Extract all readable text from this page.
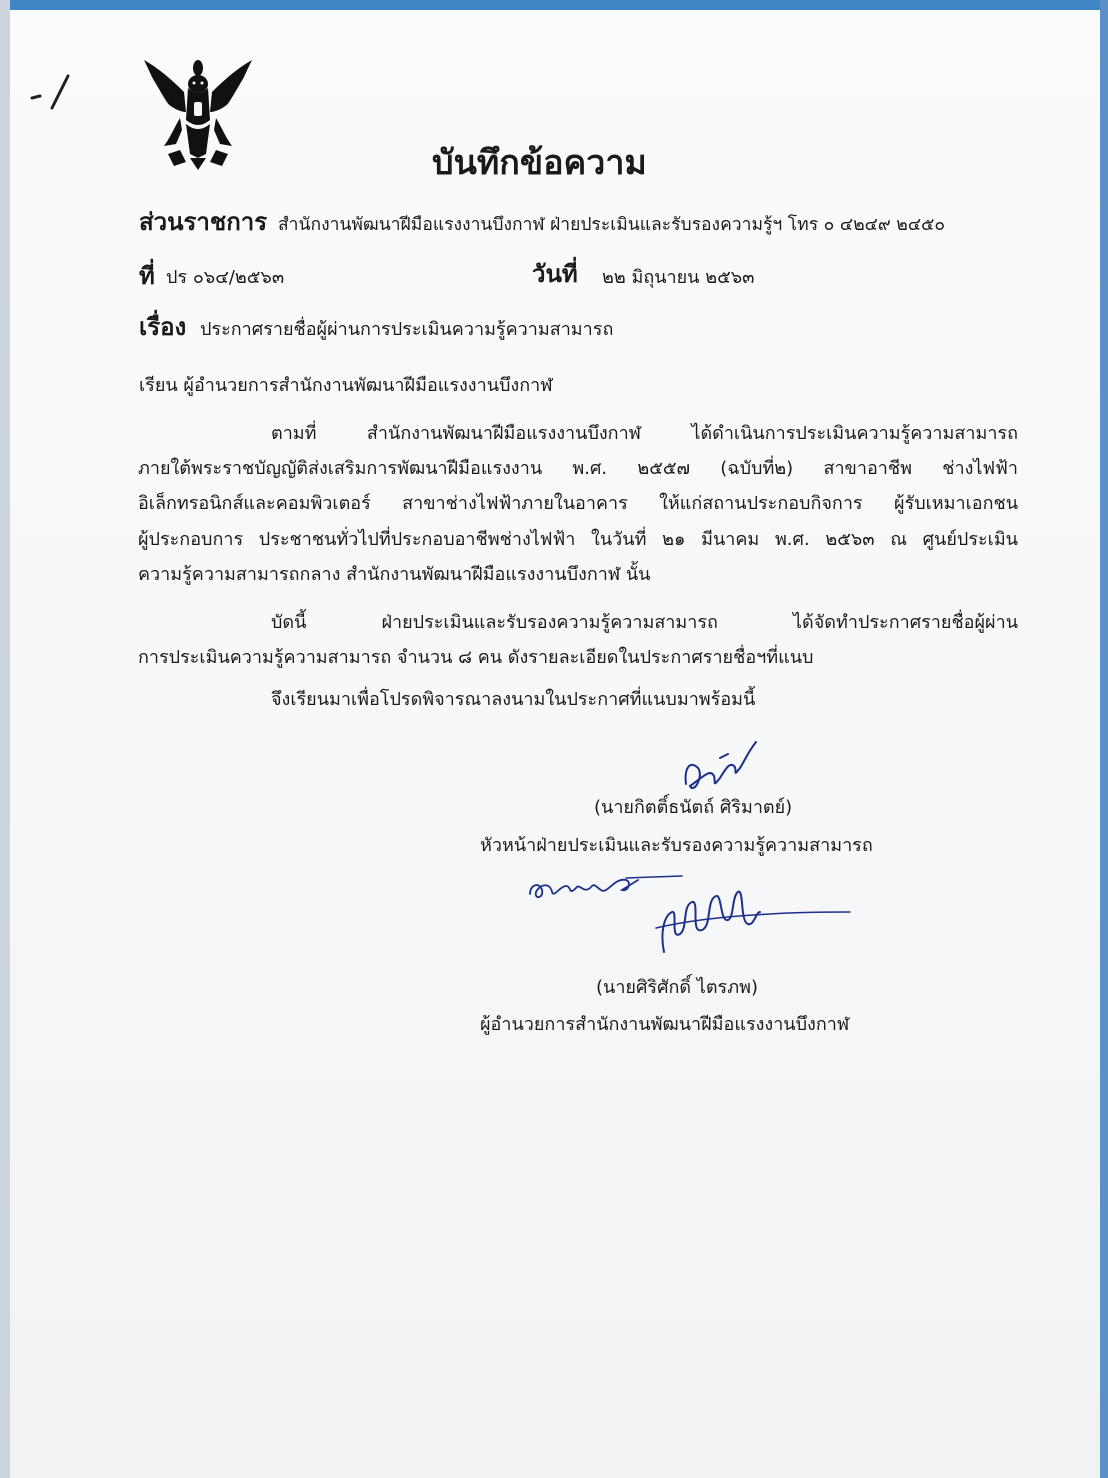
บันทึกข้อความ
ส่วนราชการ สำนักงานพัฒนาฝีมือแรงงานบึงกาฬ ฝ่ายประเมินและรับรองความรู้ฯ โทร ๐ ๔๒๔๙ ๒๔๕๐
ที่ ปร ๐๖๔/๒๕๖๓	วันที่ ๒๒ มิถุนายน ๒๕๖๓
เรื่อง ประกาศรายชื่อผู้ผ่านการประเมินความรู้ความสามารถ
เรียน ผู้อำนวยการสำนักงานพัฒนาฝีมือแรงงานบึงกาฬ
ตามที่ สำนักงานพัฒนาฝีมือแรงงานบึงกาฬ ได้ดำเนินการประเมินความรู้ความสามารถ
ภายใต้พระราชบัญญัติส่งเสริมการพัฒนาฝีมือแรงงาน พ.ศ. ๒๕๕๗ (ฉบับที่๒) สาขาอาชีพ ช่างไฟฟ้า
อิเล็กทรอนิกส์และคอมพิวเตอร์ สาขาช่างไฟฟ้าภายในอาคาร ให้แก่สถานประกอบกิจการ ผู้รับเหมาเอกชน
ผู้ประกอบการ ประชาชนทั่วไปที่ประกอบอาชีพช่างไฟฟ้า ในวันที่ ๒๑ มีนาคม พ.ศ. ๒๕๖๓ ณ ศูนย์ประเมิน
ความรู้ความสามารถกลาง สำนักงานพัฒนาฝีมือแรงงานบึงกาฬ นั้น
บัดนี้ ฝ่ายประเมินและรับรองความรู้ความสามารถ ได้จัดทำประกาศรายชื่อผู้ผ่าน
การประเมินความรู้ความสามารถ จำนวน ๘ คน ดังรายละเอียดในประกาศรายชื่อฯที่แนบ
จึงเรียนมาเพื่อโปรดพิจารณาลงนามในประกาศที่แนบมาพร้อมนี้
(นายกิตติ์ธนัตถ์ ศิริมาตย์)
หัวหน้าฝ่ายประเมินและรับรองความรู้ความสามารถ
(นายศิริศักดิ์ ไตรภพ)
ผู้อำนวยการสำนักงานพัฒนาฝีมือแรงงานบึงกาฬ
